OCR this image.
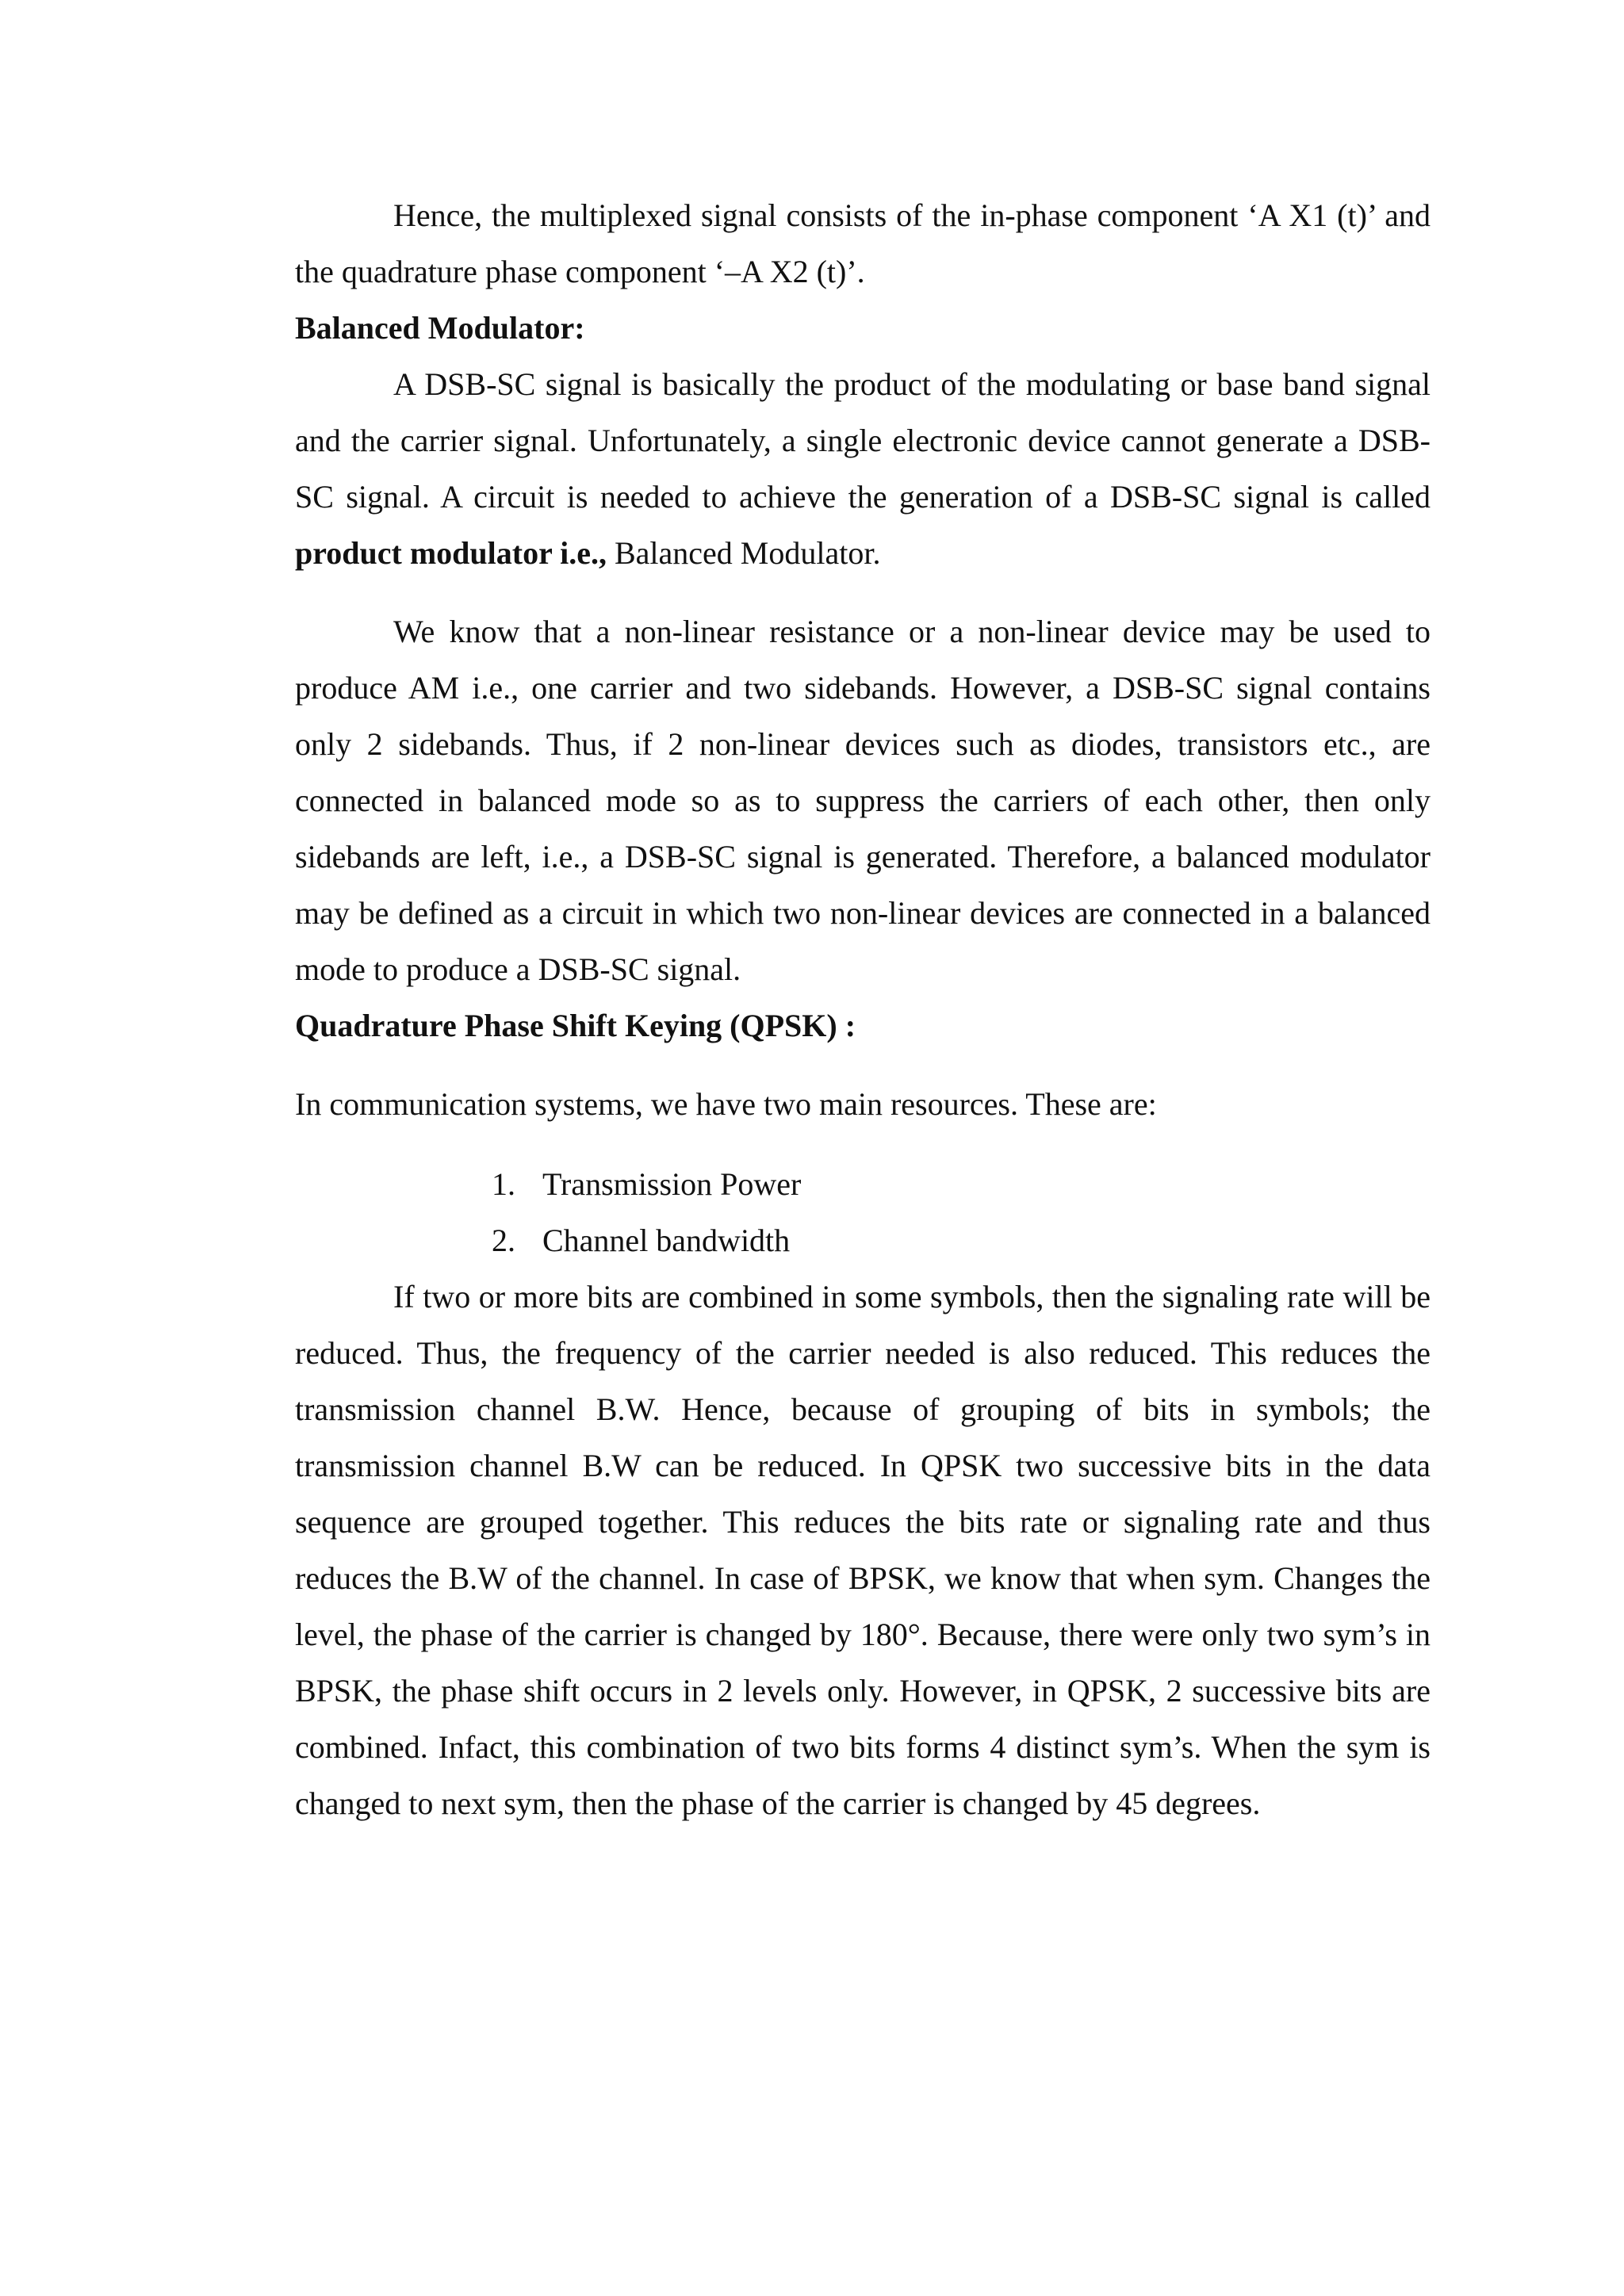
Hence, the multiplexed signal consists of the in-phase component ‘A X1 (t)’ and the quadrature phase component ‘–A X2 (t)’.

Balanced Modulator:

A DSB-SC signal is basically the product of the modulating or base band signal and the carrier signal. Unfortunately, a single electronic device cannot generate a DSB-SC signal. A circuit is needed to achieve the generation of a DSB-SC signal is called product modulator i.e., Balanced Modulator.

We know that a non-linear resistance or a non-linear device may be used to produce AM i.e., one carrier and two sidebands. However, a DSB-SC signal contains only 2 sidebands. Thus, if 2 non-linear devices such as diodes, transistors etc., are connected in balanced mode so as to suppress the carriers of each other, then only sidebands are left, i.e., a DSB-SC signal is generated. Therefore, a balanced modulator may be defined as a circuit in which two non-linear devices are connected in a balanced mode to produce a DSB-SC signal.

Quadrature Phase Shift Keying (QPSK) :

In communication systems, we have two main resources. These are:

1. Transmission Power
2. Channel bandwidth

If two or more bits are combined in some symbols, then the signaling rate will be reduced. Thus, the frequency of the carrier needed is also reduced. This reduces the transmission channel B.W. Hence, because of grouping of bits in symbols; the transmission channel B.W can be reduced. In QPSK two successive bits in the data sequence are grouped together. This reduces the bits rate or signaling rate and thus reduces the B.W of the channel. In case of BPSK, we know that when sym. Changes the level, the phase of the carrier is changed by 180°. Because, there were only two sym’s in BPSK, the phase shift occurs in 2 levels only. However, in QPSK, 2 successive bits are combined. Infact, this combination of two bits forms 4 distinct sym’s. When the sym is changed to next sym, then the phase of the carrier is changed by 45 degrees.
